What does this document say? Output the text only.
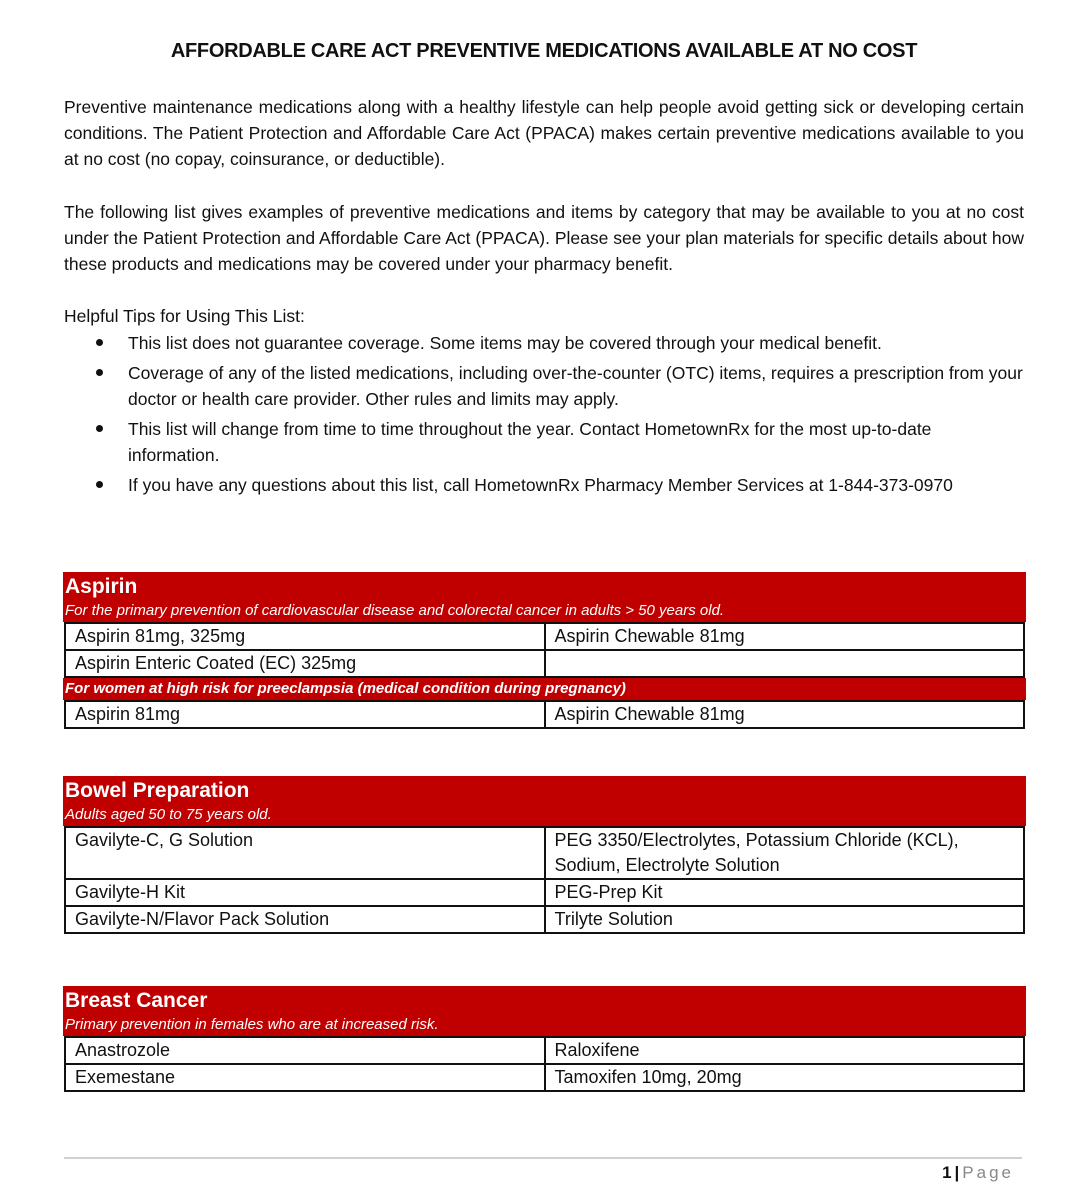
AFFORDABLE CARE ACT PREVENTIVE MEDICATIONS AVAILABLE AT NO COST
Preventive maintenance medications along with a healthy lifestyle can help people avoid getting sick or developing certain conditions. The Patient Protection and Affordable Care Act (PPACA) makes certain preventive medications available to you at no cost (no copay, coinsurance, or deductible).
The following list gives examples of preventive medications and items by category that may be available to you at no cost under the Patient Protection and Affordable Care Act (PPACA). Please see your plan materials for specific details about how these products and medications may be covered under your pharmacy benefit.
Helpful Tips for Using This List:
This list does not guarantee coverage. Some items may be covered through your medical benefit.
Coverage of any of the listed medications, including over-the-counter (OTC) items, requires a prescription from your doctor or health care provider. Other rules and limits may apply.
This list will change from time to time throughout the year. Contact HometownRx for the most up-to-date information.
If you have any questions about this list, call HometownRx Pharmacy Member Services at 1-844-373-0970
Aspirin
For the primary prevention of cardiovascular disease and colorectal cancer in adults > 50 years old.
Aspirin 81mg, 325mg	Aspirin Chewable 81mg
Aspirin Enteric Coated (EC) 325mg	
For women at high risk for preeclampsia (medical condition during pregnancy)
Aspirin 81mg	Aspirin Chewable 81mg
Bowel Preparation
Adults aged 50 to 75 years old.
Gavilyte-C, G Solution	PEG 3350/Electrolytes, Potassium Chloride (KCL), Sodium, Electrolyte Solution
Gavilyte-H Kit	PEG-Prep Kit
Gavilyte-N/Flavor Pack Solution	Trilyte Solution
Breast Cancer
Primary prevention in females who are at increased risk.
Anastrozole	Raloxifene
Exemestane	Tamoxifen 10mg, 20mg
1 | Page
